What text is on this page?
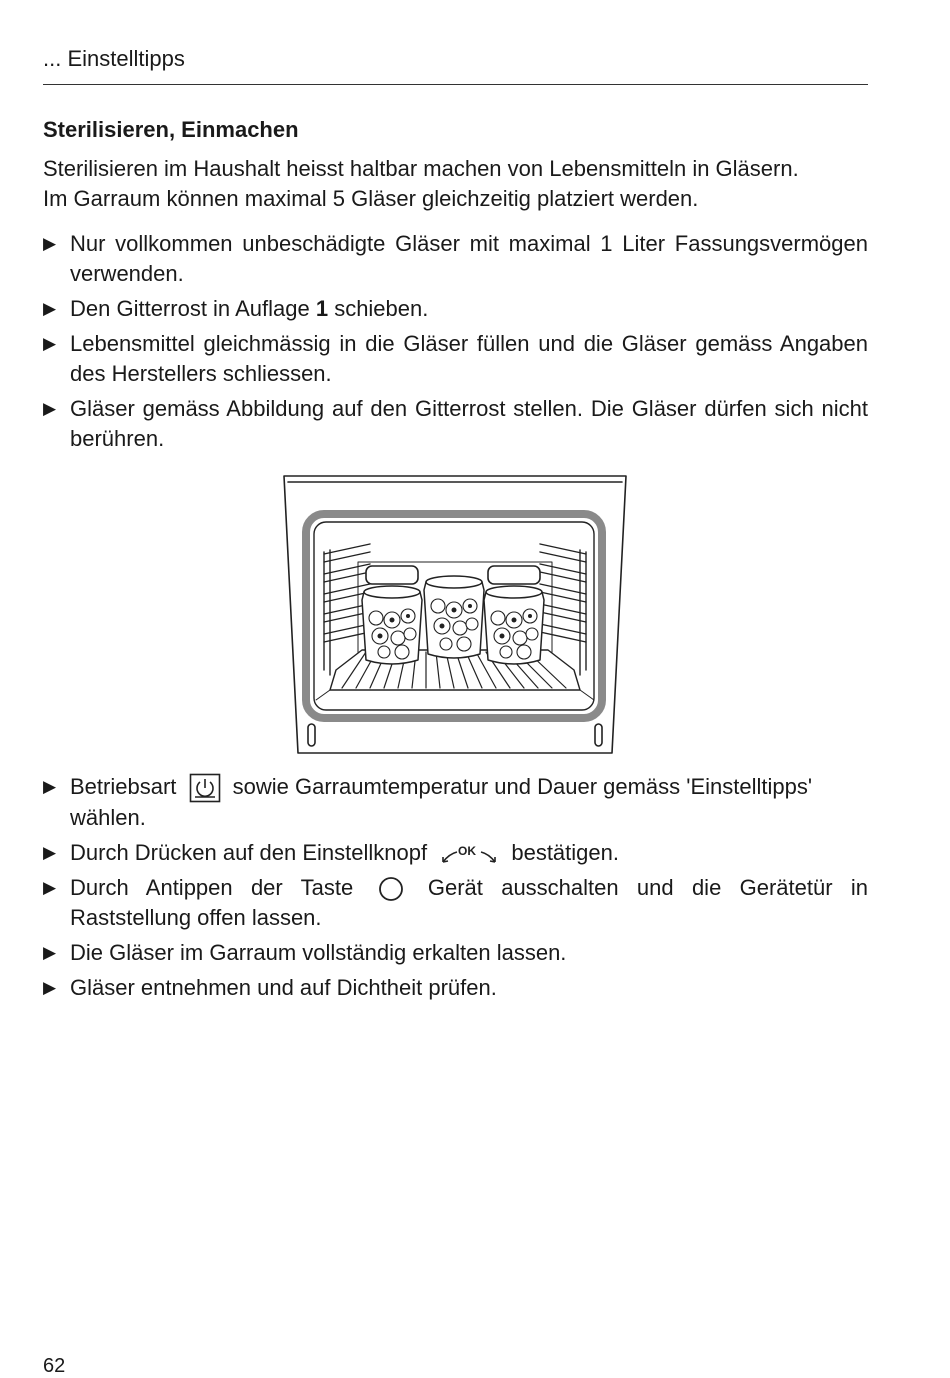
... Einstelltipps
Sterilisieren, Einmachen

Sterilisieren im Haushalt heisst haltbar machen von Lebensmitteln in Gläsern.

Im Garraum können maximal 5 Gläser gleichzeitig platziert werden.

▶ Nur vollkommen unbeschädigte Gläser mit maximal 1 Liter Fassungsvermögen verwenden.
▶ Den Gitterrost in Auflage 1 schieben.
▶ Lebensmittel gleichmässig in die Gläser füllen und die Gläser gemäss Angaben des Herstellers schliessen.
▶ Gläser gemäss Abbildung auf den Gitterrost stellen. Die Gläser dürfen sich nicht berühren.
▶ Betriebsart	sowie Garraumtemperatur und Dauer gemäss 'Einstelltipps' wählen.
▶ Durch Drücken auf den Einstellknopf	OK bestätigen.
▶ Durch Antippen der Taste	Gerät ausschalten und die Gerätetür in Raststellung offen lassen.
▶ Die Gläser im Garraum vollständig erkalten lassen.
▶ Gläser entnehmen und auf Dichtheit prüfen.
62
